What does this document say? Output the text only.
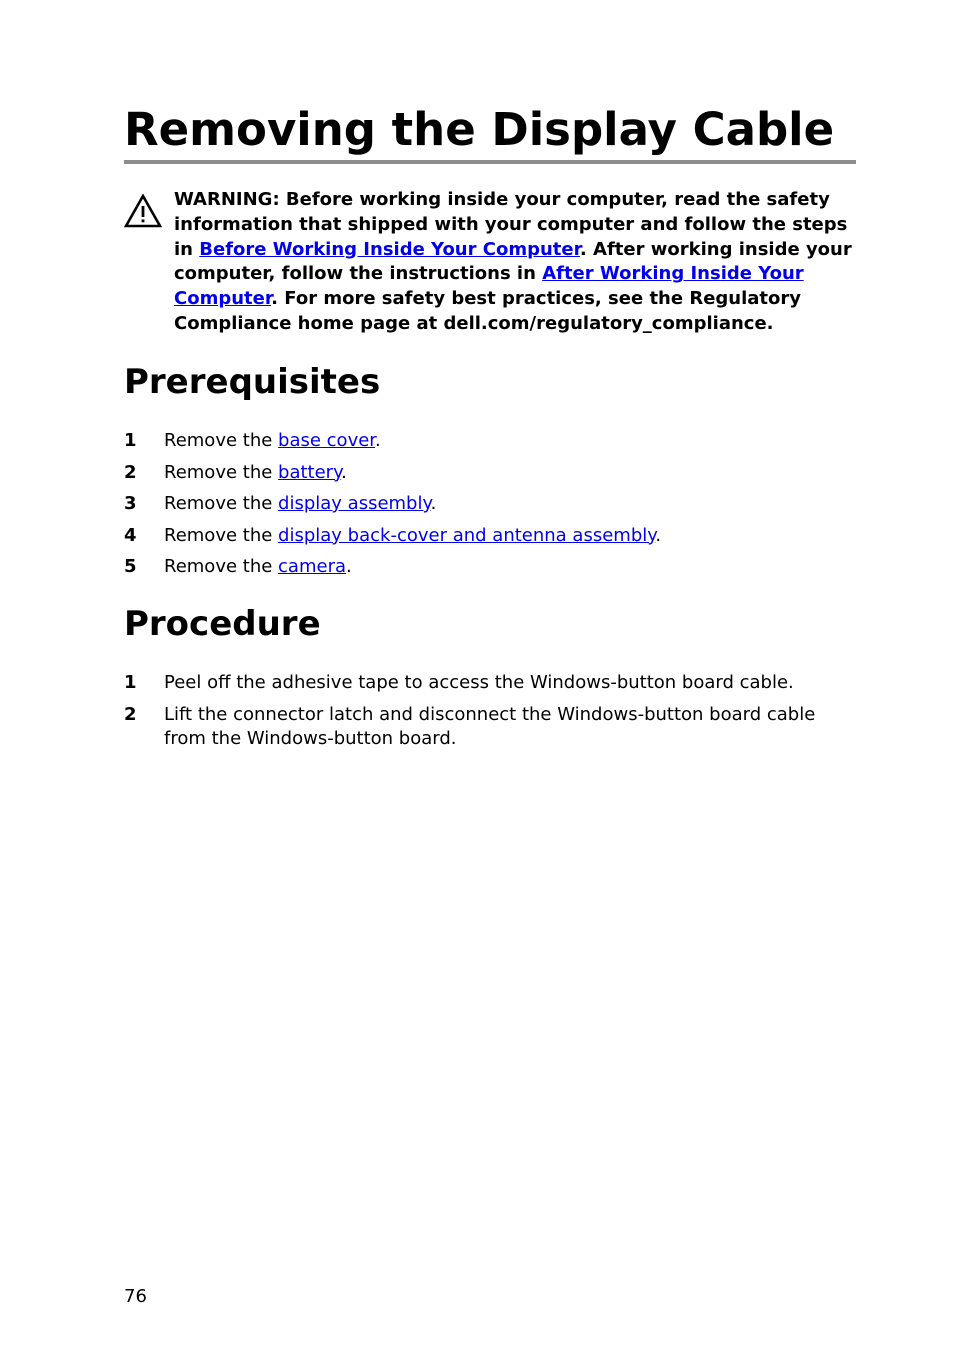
Removing the Display Cable
WARNING: Before working inside your computer, read the safety information that shipped with your computer and follow the steps in Before Working Inside Your Computer. After working inside your computer, follow the instructions in After Working Inside Your Computer. For more safety best practices, see the Regulatory Compliance home page at dell.com/regulatory_compliance.
Prerequisites
1 Remove the base cover.
2 Remove the battery.
3 Remove the display assembly.
4 Remove the display back-cover and antenna assembly.
5 Remove the camera.
Procedure
1 Peel off the adhesive tape to access the Windows-button board cable.
2 Lift the connector latch and disconnect the Windows-button board cable from the Windows-button board.
76
